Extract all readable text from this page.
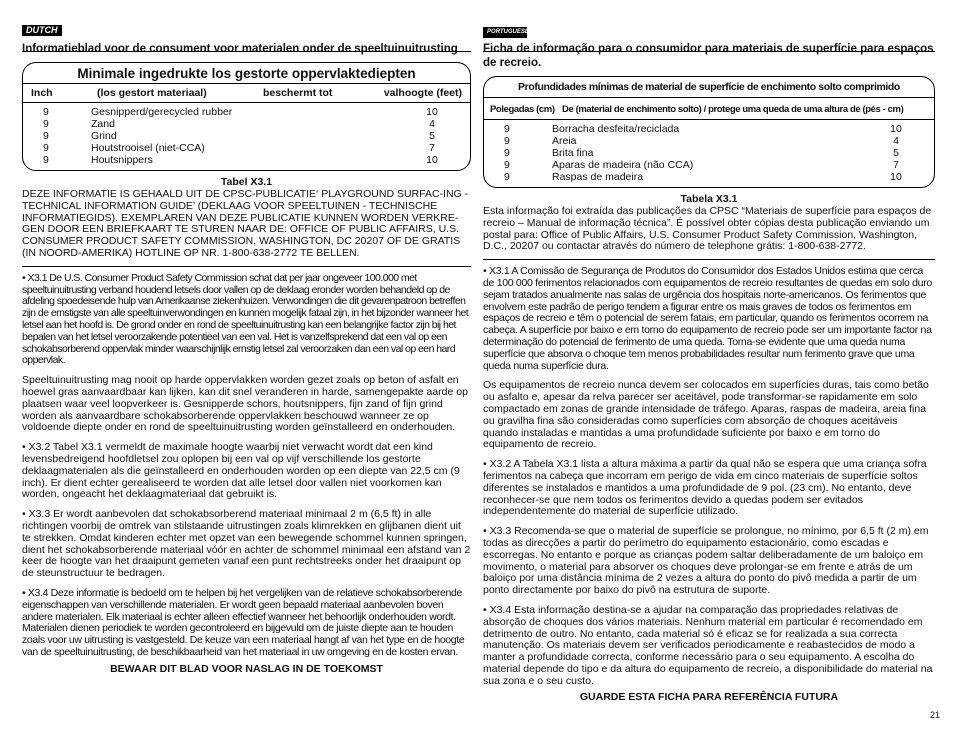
DUTCH
Informatieblad voor de consument voor materialen onder de speeltuinuitrusting
Minimale ingedrukte los gestorte oppervlaktediepten
Inch	(los gestort materiaal)	beschermt tot	valhoogte (feet)
9	Gesnipperd/gerecycled rubber	10
9	Zand	4
9	Grind	5
9	Houtstrooisel (niet-CCA)	7
9	Houtsnippers	10
Tabel X3.1
DEZE INFORMATIE IS GEHAALD UIT DE CPSC-PUBLICATIE‘ PLAYGROUND SURFAC-ING - TECHNICAL INFORMATION GUIDE’ (DEKLAAG VOOR SPEELTUINEN - TECHNISCHE INFORMATIEGIDS). EXEMPLAREN VAN DEZE PUBLICATIE KUNNEN WORDEN VERKRE-GEN DOOR EEN BRIEFKAART TE STUREN NAAR DE: OFFICE OF PUBLIC AFFAIRS, U.S. CONSUMER PRODUCT SAFETY COMMISSION, WASHINGTON, DC 20207 OF DE GRATIS (IN NOORD-AMERIKA) HOTLINE OP NR. 1-800-638-2772 TE BELLEN.
• X3.1 De U.S. Consumer Product Safety Commission schat dat per jaar ongeveer 100.000 met speeltuinuitrusting verband houdend letsels door vallen op de deklaag eronder worden behandeld op de afdeling spoedeisende hulp van Amerikaanse ziekenhuizen. Verwondingen die dit gevarenpatroon betreffen zijn de ernstigste van alle speeltuinverwondingen en kunnen mogelijk fataal zijn, in het bijzonder wanneer het letsel aan het hoofd is. De grond onder en rond de speeltuinuitrusting kan een belangrijke factor zijn bij het bepalen van het letsel veroorzakende potentieel van een val. Het is vanzelfsprekend dat een val op een schokabsorberend oppervlak minder waarschijnlijk ernstig letsel zal veroorzaken dan een val op een hard oppervlak.
Speeltuinuitrusting mag nooit op harde oppervlakken worden gezet zoals op beton of asfalt en hoewel gras aanvaardbaar kan lijken, kan dit snel veranderen in harde, samengepakte aarde op plaatsen waar veel loopverkeer is. Gesnipperde schors, houtsnippers, fijn zand of fijn grind worden als aanvaardbare schokabsorberende oppervlakken beschouwd wanneer ze op voldoende diepte onder en rond de speeltuinuitrusting worden geïnstalleerd en onderhouden.
• X3.2 Tabel X3.1 vermeldt de maximale hoogte waarbij niet verwacht wordt dat een kind levensbedreigend hoofdletsel zou oplopen bij een val op vijf verschillende los gestorte deklaagmaterialen als die geïnstalleerd en onderhouden worden op een diepte van 22,5 cm (9 inch). Er dient echter gerealiseerd te worden dat alle letsel door vallen niet voorkomen kan worden, ongeacht het deklaagmateriaal dat gebruikt is.
• X3.3 Er wordt aanbevolen dat schokabsorberend materiaal minimaal 2 m (6,5 ft) in alle richtingen voorbij de omtrek van stilstaande uitrustingen zoals klimrekken en glijbanen dient uit te strekken. Omdat kinderen echter met opzet van een bewegende schommel kunnen springen, dient het schokabsorberende materiaal vóór en achter de schommel minimaal een afstand van 2 keer de hoogte van het draaipunt gemeten vanaf een punt rechtstreeks onder het draaipunt op de steunstructuur te bedragen.
• X3.4 Deze informatie is bedoeld om te helpen bij het vergelijken van de relatieve schokabsorberende eigenschappen van verschillende materialen. Er wordt geen bepaald materiaal aanbevolen boven andere materialen. Elk materiaal is echter alleen effectief wanneer het behoorlijk onderhouden wordt. Materialen dienen periodiek te worden gecontroleerd en bijgevuld om de juiste diepte aan te houden zoals voor uw uitrusting is vastgesteld. De keuze van een materiaal hangt af van het type en de hoogte van de speeltuinuitrusting, de beschikbaarheid van het materiaal in uw omgeving en de kosten ervan.
BEWAAR DIT BLAD VOOR NASLAG IN DE TOEKOMST
PORTUGUESE
Ficha de informação para o consumidor para materiais de superfície para espaços de recreio.
Profundidades mínimas de material de superfície de enchimento solto comprimido
Polegadas (cm) De (material de enchimento solto) / protege uma queda de uma altura de (pés - cm)
9	Borracha desfeita/reciclada	10
9	Areia	4
9	Brita fina	5
9	Aparas de madeira (não CCA)	7
9	Raspas de madeira	10
Tabela X3.1
Esta informação foi extraída das publicações da CPSC “Materiais de superfície para espaços de recreio – Manual de informação técnica”. É possível obter cópias desta publicação enviando um postal para: Office of Public Affairs, U.S. Consumer Product Safety Commission, Washington, D.C., 20207 ou contactar através do número de telephone grátis: 1-800-638-2772.
• X3.1 A Comissão de Segurança de Produtos do Consumidor dos Estados Unidos estima que cerca de 100 000 ferimentos relacionados com equipamentos de recreio resultantes de quedas em solo duro sejam tratados anualmente nas salas de urgência dos hospitais norte-americanos. Os ferimentos que envolvem este padrão de perigo tendem a figurar entre os mais graves de todos os ferimentos em espaços de recreio e têm o potencial de serem fatais, em particular, quando os ferimentos ocorrem na cabeça. A superfície por baixo e em torno do equipamento de recreio pode ser um importante factor na determinação do potencial de ferimento de uma queda. Torna-se evidente que uma queda numa superfície que absorva o choque tem menos probabilidades resultar num ferimento grave que uma queda numa superfície dura.
Os equipamentos de recreio nunca devem ser colocados em superfícies duras, tais como betão ou asfalto e, apesar da relva parecer ser aceitável, pode transformar-se rapidamente em solo compactado em zonas de grande intensidade de tráfego. Aparas, raspas de madeira, areia fina ou gravilha fina são consideradas como superfícies com absorção de choques aceitáveis quando instaladas e mantidas a uma profundidade suficiente por baixo e em torno do equipamento de recreio.
• X3.2 A Tabela X3.1 lista a altura máxima a partir da qual não se espera que uma criança sofra ferimentos na cabeça que incorram em perigo de vida em cinco materiais de superfície soltos diferentes se instalados e mantidos a uma profundidade de 9 pol. (23 cm). No entanto, deve reconhecer-se que nem todos os ferimentos devido a quedas podem ser evitados independentemente do material de superfície utilizado.
• X3.3 Recomenda-se que o material de superfície se prolongue, no mínimo, por 6,5 ft (2 m) em todas as direcções a partir do perímetro do equipamento estacionário, como escadas e escorregas. No entanto e porque as crianças podem saltar deliberadamente de um baloiço em movimento, o material para absorver os choques deve prolongar-se em frente e atrás de um baloiço por uma distância mínima de 2 vezes a altura do ponto do pivô medida a partir de um ponto directamente por baixo do pivô na estrutura de suporte.
• X3.4 Esta informação destina-se a ajudar na comparação das propriedades relativas de absorção de choques dos vários materiais. Nenhum material em particular é recomendado em detrimento de outro. No entanto, cada material só é eficaz se for realizada a sua correcta manutenção. Os materiais devem ser verificados periodicamente e reabastecidos de modo a manter a profundidade correcta, conforme necessário para o seu equipamento. A escolha do material depende do tipo e da altura do equipamento de recreio, a disponibilidade do material na sua zona e o seu custo.
GUARDE ESTA FICHA PARA REFERÊNCIA FUTURA
21
